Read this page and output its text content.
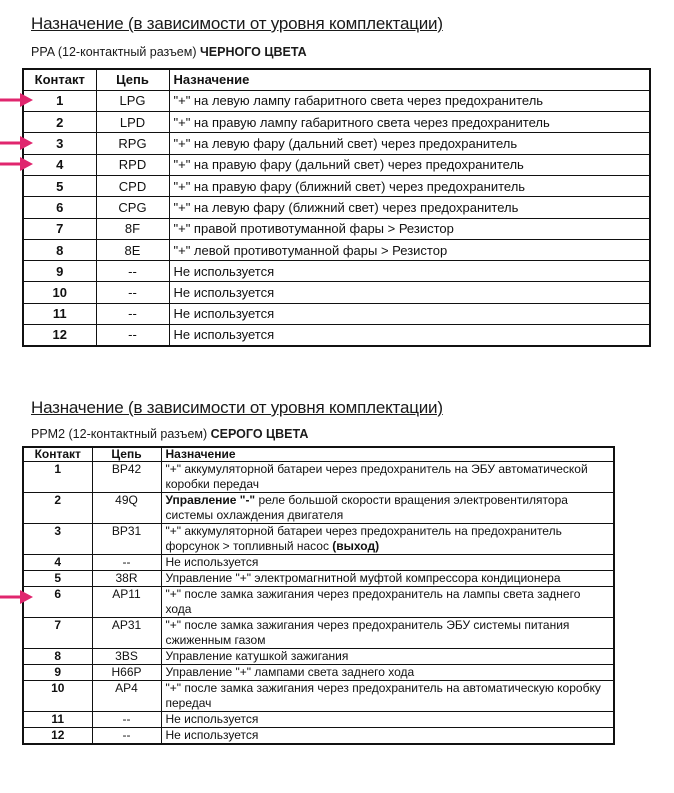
Назначение (в зависимости от уровня комплектации)
PPA (12-контактный разъем) ЧЕРНОГО ЦВЕТА
Контакт	Цепь	Назначение
1	LPG	"+" на левую лампу габаритного света через предохранитель
2	LPD	"+" на правую лампу габаритного света через предохранитель
3	RPG	"+" на левую фару (дальний свет) через предохранитель
4	RPD	"+" на правую фару (дальний свет) через предохранитель
5	CPD	"+" на правую фару (ближний свет) через предохранитель
6	CPG	"+" на левую фару (ближний свет) через предохранитель
7	8F	"+" правой противотуманной фары > Резистор
8	8E	"+" левой противотуманной фары > Резистор
9	--	Не используется
10	--	Не используется
11	--	Не используется
12	--	Не используется
Назначение (в зависимости от уровня комплектации)
PPM2 (12-контактный разъем) СЕРОГО ЦВЕТА
Контакт	Цепь	Назначение
1	BP42	"+" аккумуляторной батареи через предохранитель на ЭБУ автоматической коробки передач
2	49Q	Управление "-" реле большой скорости вращения электровентилятора системы охлаждения двигателя
3	BP31	"+" аккумуляторной батареи через предохранитель на предохранитель форсунок > топливный насос (выход)
4	--	Не используется
5	38R	Управление "+" электромагнитной муфтой компрессора кондиционера
6	AP11	"+" после замка зажигания через предохранитель на лампы света заднего хода
7	AP31	"+" после замка зажигания через предохранитель ЭБУ системы питания сжиженным газом
8	3BS	Управление катушкой зажигания
9	H66P	Управление "+" лампами света заднего хода
10	AP4	"+" после замка зажигания через предохранитель на автоматическую коробку передач
11	--	Не используется
12	--	Не используется
